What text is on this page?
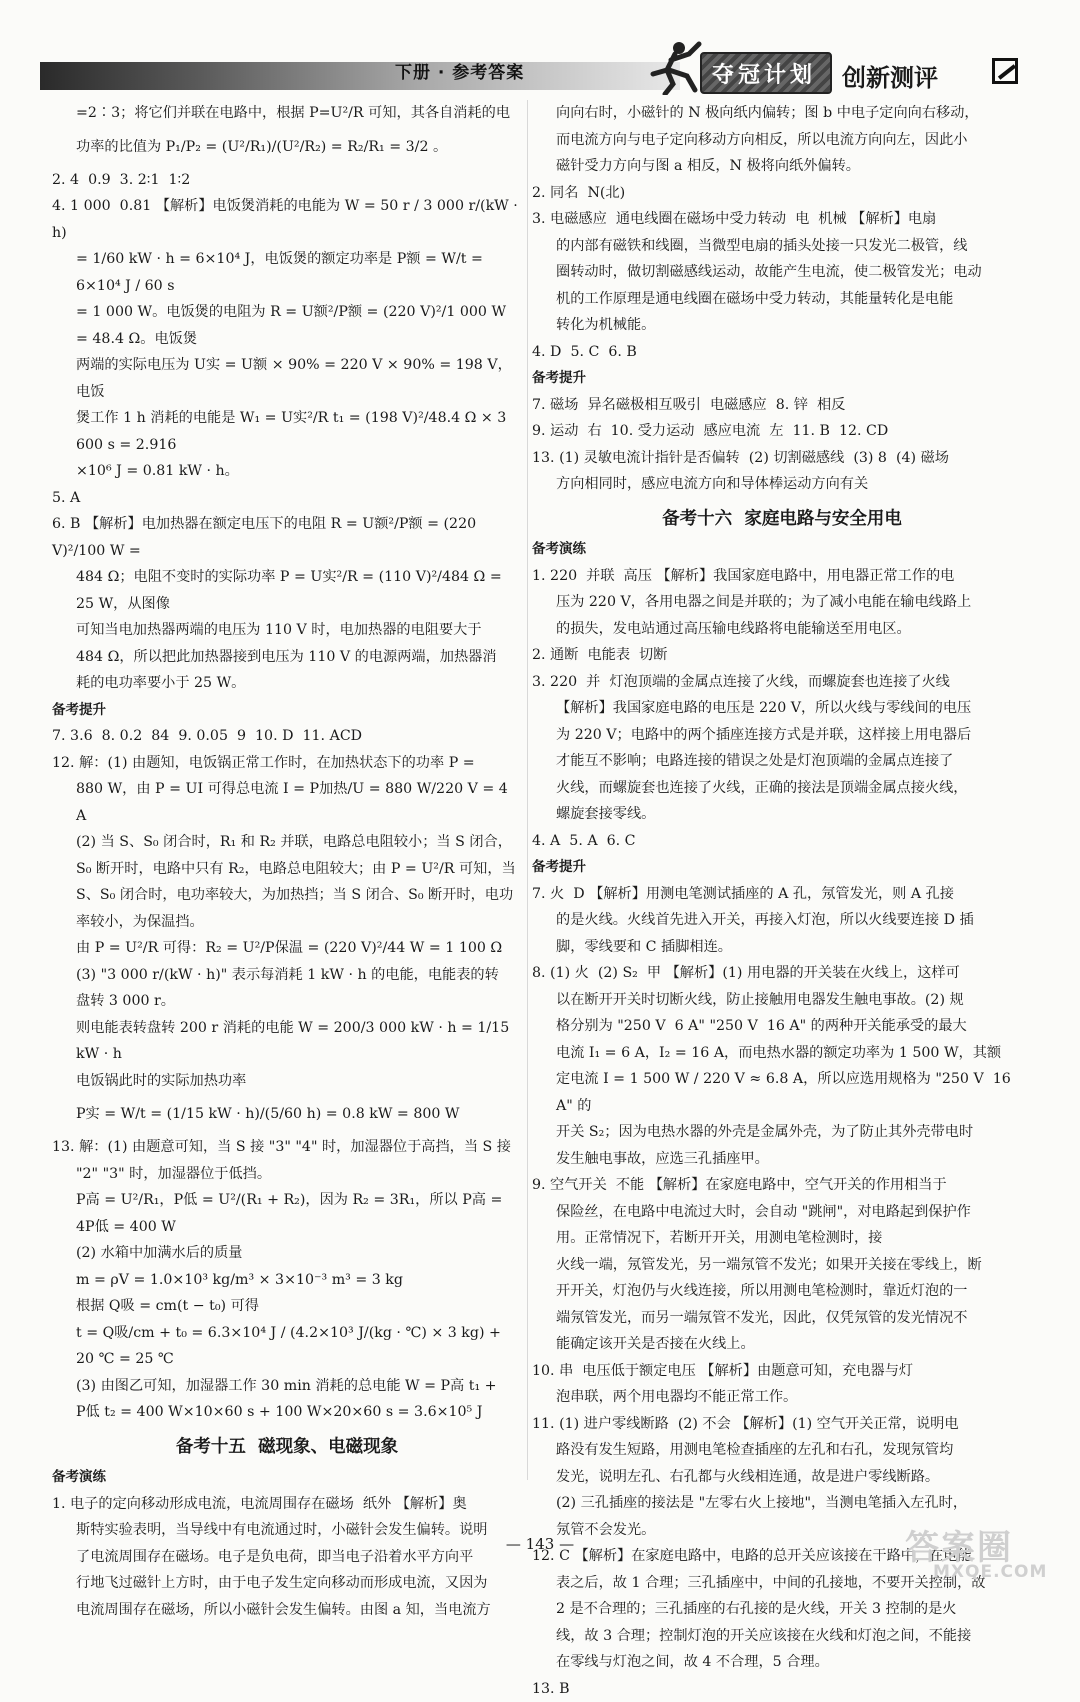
下册 · 参考答案	夺冠计划 创新测评

=2∶3；将它们并联在电路中，根据 P=U²/R 可知，其各自消耗的电

功率的比值为 P₁/P₂ = (U²/R₁)/(U²/R₂) = R₂/R₁ = 3/2 。

2. 4  0.9  3. 2∶1  1∶2

4. 1 000  0.81 【解析】电饭煲消耗的电能为 W = 50 r / 3 000 r/(kW · h)

= 1/60 kW · h = 6×10⁴ J，电饭煲的额定功率是 P额 = W/t = 6×10⁴ J / 60 s

= 1 000 W。电饭煲的电阻为 R = U额²/P额 = (220 V)²/1 000 W = 48.4 Ω。电饭煲

两端的实际电压为 U实 = U额 × 90% = 220 V × 90% = 198 V，电饭

煲工作 1 h 消耗的电能是 W₁ = U实²/R t₁ = (198 V)²/48.4 Ω × 3 600 s = 2.916

×10⁶ J = 0.81 kW · h。

5. A

6. B 【解析】电加热器在额定电压下的电阻 R = U额²/P额 = (220 V)²/100 W =

484 Ω；电阻不变时的实际功率 P = U实²/R = (110 V)²/484 Ω = 25 W，从图像

可知当电加热器两端的电压为 110 V 时，电加热器的电阻要大于

484 Ω，所以把此加热器接到电压为 110 V 的电源两端，加热器消

耗的电功率要小于 25 W。

备考提升

7. 3.6  8. 0.2  84  9. 0.05  9  10. D  11. ACD

12. 解：(1) 由题知，电饭锅正常工作时，在加热状态下的功率 P =

880 W，由 P = UI 可得总电流 I = P加热/U = 880 W/220 V = 4 A

(2) 当 S、S₀ 闭合时，R₁ 和 R₂ 并联，电路总电阻较小；当 S 闭合，

S₀ 断开时，电路中只有 R₂，电路总电阻较大；由 P = U²/R 可知，当

S、S₀ 闭合时，电功率较大，为加热挡；当 S 闭合、S₀ 断开时，电功

率较小，为保温挡。

由 P = U²/R 可得：R₂ = U²/P保温 = (220 V)²/44 W = 1 100 Ω

(3) "3 000 r/(kW · h)" 表示每消耗 1 kW · h 的电能，电能表的转

盘转 3 000 r。

则电能表转盘转 200 r 消耗的电能 W = 200/3 000 kW · h = 1/15 kW · h

电饭锅此时的实际加热功率

P实 = W/t = (1/15 kW · h)/(5/60 h) = 0.8 kW = 800 W

13. 解：(1) 由题意可知，当 S 接 "3" "4" 时，加湿器位于高挡，当 S 接

"2" "3" 时，加湿器位于低挡。

P高 = U²/R₁，P低 = U²/(R₁ + R₂)，因为 R₂ = 3R₁，所以 P高 = 4P低 = 400 W

(2) 水箱中加满水后的质量

m = ρV = 1.0×10³ kg/m³ × 3×10⁻³ m³ = 3 kg

根据 Q吸 = cm(t − t₀) 可得

t = Q吸/cm + t₀ = 6.3×10⁴ J / (4.2×10³ J/(kg · ℃) × 3 kg) + 20 ℃ = 25 ℃

(3) 由图乙可知，加湿器工作 30 min 消耗的总电能 W = P高 t₁ +

P低 t₂ = 400 W×10×60 s + 100 W×20×60 s = 3.6×10⁵ J

备考十五  磁现象、电磁现象

备考演练

1. 电子的定向移动形成电流，电流周围存在磁场  纸外 【解析】奥

斯特实验表明，当导线中有电流通过时，小磁针会发生偏转。说明

了电流周围存在磁场。电子是负电荷，即当电子沿着水平方向平

行地飞过磁针上方时，由于电子发生定向移动而形成电流，又因为

电流周围存在磁场，所以小磁针会发生偏转。由图 a 知，当电流方

向向右时，小磁针的 N 极向纸内偏转；图 b 中电子定向向右移动，

而电流方向与电子定向移动方向相反，所以电流方向向左，因此小

磁针受力方向与图 a 相反，N 极将向纸外偏转。

2. 同名  N(北)

3. 电磁感应  通电线圈在磁场中受力转动  电  机械 【解析】电扇

的内部有磁铁和线圈，当微型电扇的插头处接一只发光二极管，线

圈转动时，做切割磁感线运动，故能产生电流，使二极管发光；电动

机的工作原理是通电线圈在磁场中受力转动，其能量转化是电能

转化为机械能。

4. D  5. C  6. B

备考提升

7. 磁场  异名磁极相互吸引  电磁感应  8. 锌  相反

9. 运动  右  10. 受力运动  感应电流  左  11. B  12. CD

13. (1) 灵敏电流计指针是否偏转  (2) 切割磁感线  (3) 8  (4) 磁场

方向相同时，感应电流方向和导体棒运动方向有关

备考十六  家庭电路与安全用电

备考演练

1. 220  并联  高压 【解析】我国家庭电路中，用电器正常工作的电

压为 220 V，各用电器之间是并联的；为了减小电能在输电线路上

的损失，发电站通过高压输电线路将电能输送至用电区。

2. 通断  电能表  切断

3. 220  并  灯泡顶端的金属点连接了火线，而螺旋套也连接了火线

【解析】我国家庭电路的电压是 220 V，所以火线与零线间的电压

为 220 V；电路中的两个插座连接方式是并联，这样接上用电器后

才能互不影响；电路连接的错误之处是灯泡顶端的金属点连接了

火线，而螺旋套也连接了火线，正确的接法是顶端金属点接火线，

螺旋套接零线。

4. A  5. A  6. C

备考提升

7. 火  D 【解析】用测电笔测试插座的 A 孔，氖管发光，则 A 孔接

的是火线。火线首先进入开关，再接入灯泡，所以火线要连接 D 插

脚，零线要和 C 插脚相连。

8. (1) 火  (2) S₂  甲 【解析】(1) 用电器的开关装在火线上，这样可

以在断开开关时切断火线，防止接触用电器发生触电事故。(2) 规

格分别为 "250 V  6 A" "250 V  16 A" 的两种开关能承受的最大

电流 I₁ = 6 A，I₂ = 16 A，而电热水器的额定功率为 1 500 W，其额

定电流 I = 1 500 W / 220 V ≈ 6.8 A，所以应选用规格为 "250 V  16 A" 的

开关 S₂；因为电热水器的外壳是金属外壳，为了防止其外壳带电时

发生触电事故，应选三孔插座甲。

9. 空气开关  不能 【解析】在家庭电路中，空气开关的作用相当于

保险丝，在电路中电流过大时，会自动 "跳闸"，对电路起到保护作

用。正常情况下，若断开开关，用测电笔检测时，接

火线一端，氖管发光，另一端氖管不发光；如果开关接在零线上，断

开开关，灯泡仍与火线连接，所以用测电笔检测时，靠近灯泡的一

端氖管发光，而另一端氖管不发光，因此，仅凭氖管的发光情况不

能确定该开关是否接在火线上。

10. 串  电压低于额定电压 【解析】由题意可知，充电器与灯

泡串联，两个用电器均不能正常工作。

11. (1) 进户零线断路  (2) 不会 【解析】(1) 空气开关正常，说明电

路没有发生短路，用测电笔检查插座的左孔和右孔，发现氖管均

发光，说明左孔、右孔都与火线相连通，故是进户零线断路。

(2) 三孔插座的接法是 "左零右火上接地"，当测电笔插入左孔时，

氖管不会发光。

12. C 【解析】在家庭电路中，电路的总开关应该接在干路中，在电能

表之后，故 1 合理；三孔插座中，中间的孔接地，不要开关控制，故

2 是不合理的；三孔插座的右孔接的是火线，开关 3 控制的是火

线，故 3 合理；控制灯泡的开关应该接在火线和灯泡之间，不能接

在零线与灯泡之间，故 4 不合理，5 合理。

13. B

— 143 —	答案圈
MXQE.COM
